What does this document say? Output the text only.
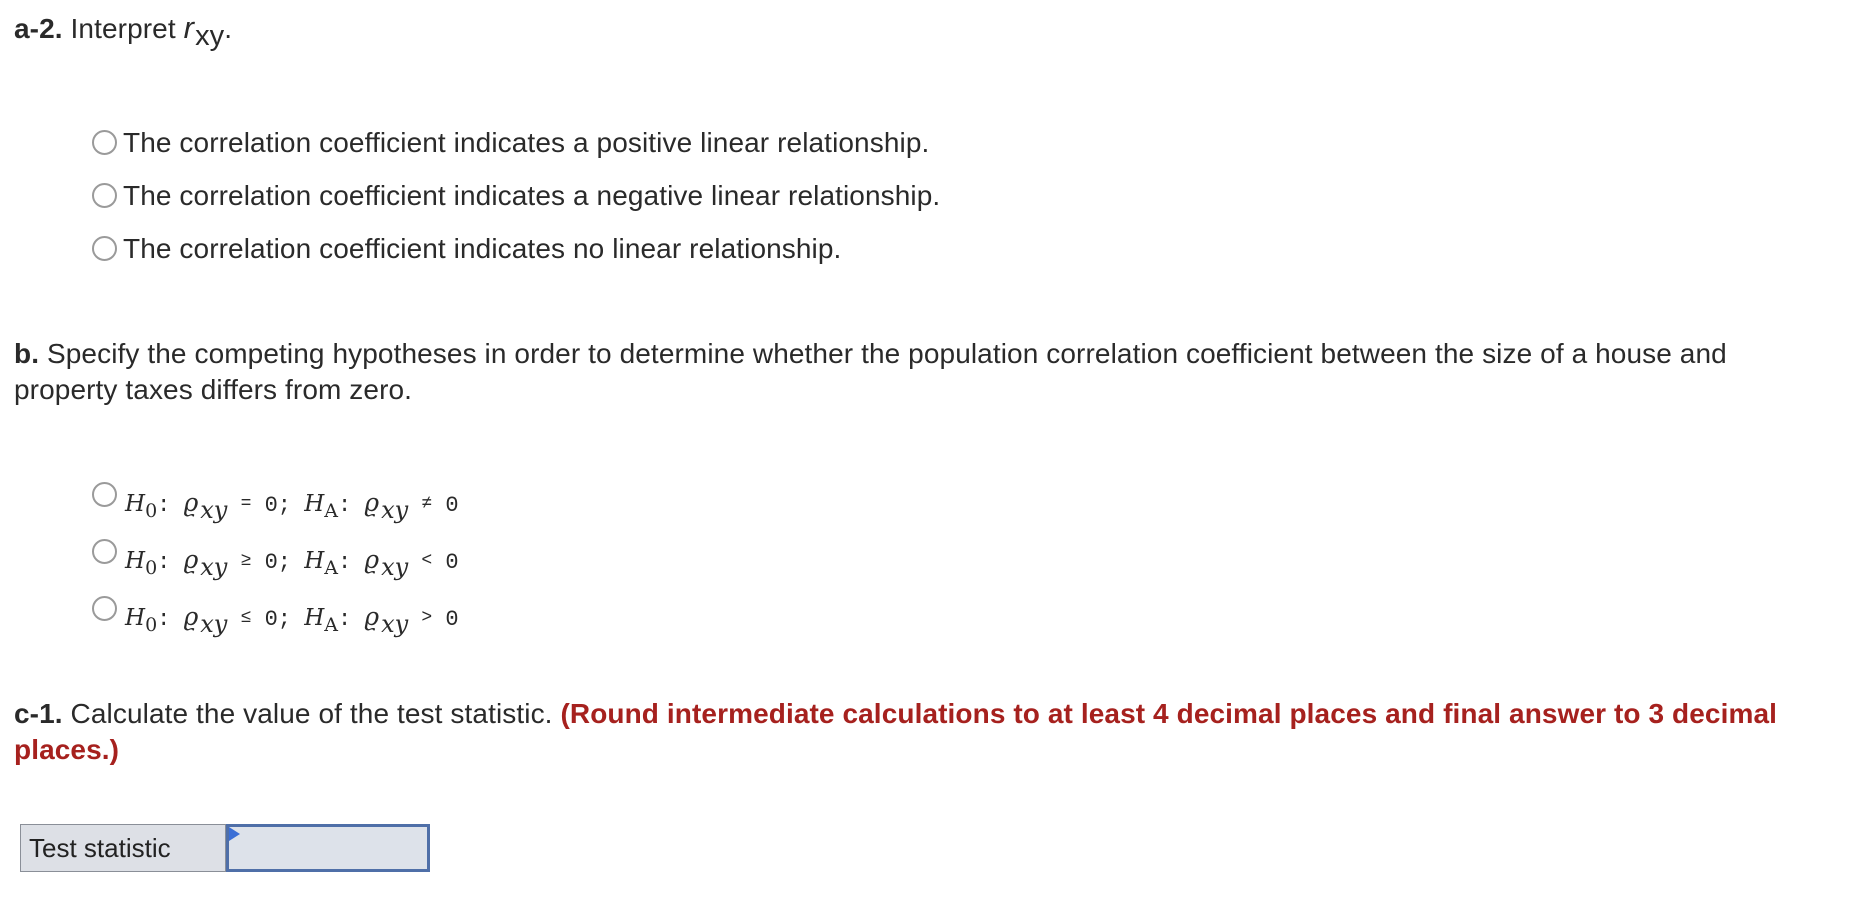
a-2. Interpret rxy.
The correlation coefficient indicates a positive linear relationship.
The correlation coefficient indicates a negative linear relationship.
The correlation coefficient indicates no linear relationship.
b. Specify the competing hypotheses in order to determine whether the population correlation coefficient between the size of a house and property taxes differs from zero.
H0: ϱxy = 0; HA: ϱxy ≠ 0
H0: ϱxy ≥ 0; HA: ϱxy < 0
H0: ϱxy ≤ 0; HA: ϱxy > 0
c-1. Calculate the value of the test statistic. (Round intermediate calculations to at least 4 decimal places and final answer to 3 decimal places.)
Test statistic
